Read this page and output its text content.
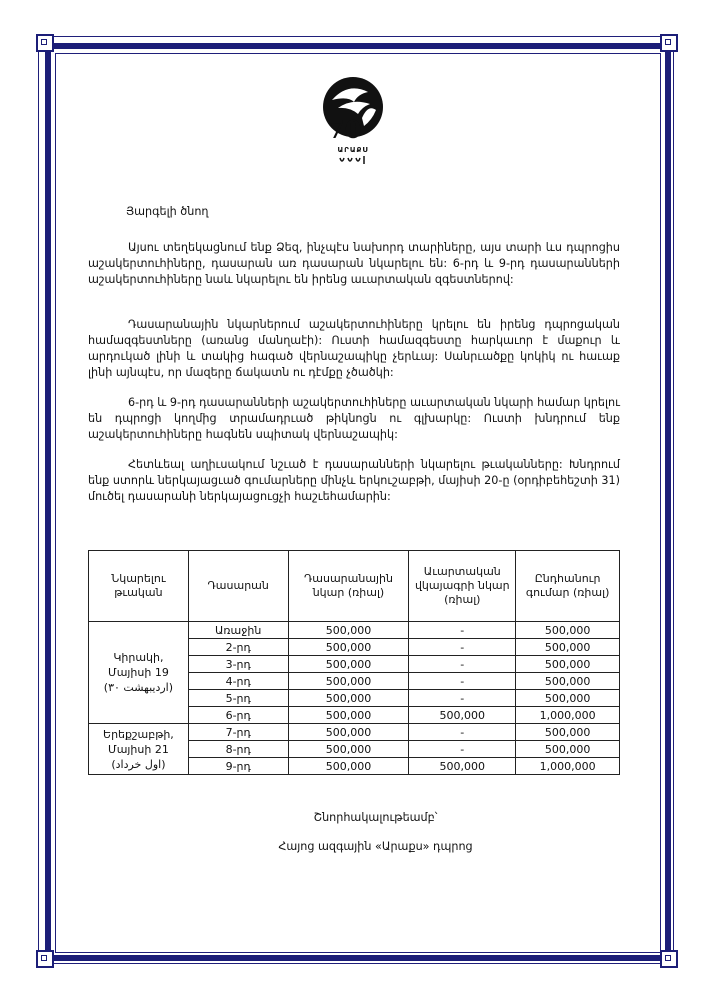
70
ԱՐԱՔՍ
Յարգելի ծնող
Այսու տեղեկացնում ենք Ձեզ, ինչպէս նախորդ տարիները, այս տարի ևս դպրոցիս աշակերտուհիները, դասարան առ դասարան նկարելու են: 6-րդ և 9-րդ դասարանների աշակերտուհիները նաև նկարելու են իրենց աւարտական զգեստներով:
Դասարանային նկարներում աշակերտուհիները կրելու են իրենց դպրոցական համազգեստները (առանց մանղաէի): Ուստի համազգեստը հարկաւոր է մաքուր և արդուկած լինի և տակից հագած վերնաշապիկը չերևայ: Սանրւածքը կոկիկ ու հաւաք լինի այնպէս, որ մազերը ճակատն ու դէմքը չծածկի:
6-րդ և 9-րդ դասարանների աշակերտուհիները աւարտական նկարի համար կրելու են դպրոցի կողմից տրամադրւած թիկնոցն ու գլխարկը: Ուստի խնդրում ենք աշակերտուհիները հագնեն սպիտակ վերնաշապիկ:
Հետևեալ աղիւսակում նշւած է դասարանների նկարելու թւականները: Խնդրում ենք ստորև ներկայացւած գումարները մինչև երկուշաբթի, մայիսի 20-ը (օրդիբեհեշտի 31) մուծել դասարանի ներկայացուցչի հաշւեհամարին:
Նկարելու թւական	Դասարան	Դասարանային նկար (ռիալ)	Աւարտական վկայագրի նկար (ռիալ)	Ընդհանուր գումար (ռիալ)

Կիրակի,
Մայիսի 19
(۳۰ اردیبهشت)	Առաջին	500,000	-	500,000
	2-րդ	500,000	-	500,000
	3-րդ	500,000	-	500,000
	4-րդ	500,000	-	500,000
	5-րդ	500,000	-	500,000
	6-րդ	500,000	500,000	1,000,000

Երեքշաբթի,
Մայիսի 21
(اول خرداد)	7-րդ	500,000	-	500,000
	8-րդ	500,000	-	500,000
	9-րդ	500,000	500,000	1,000,000
Շնորհակալութեամբ՝
Հայոց ազգային «Արաքս» դպրոց
